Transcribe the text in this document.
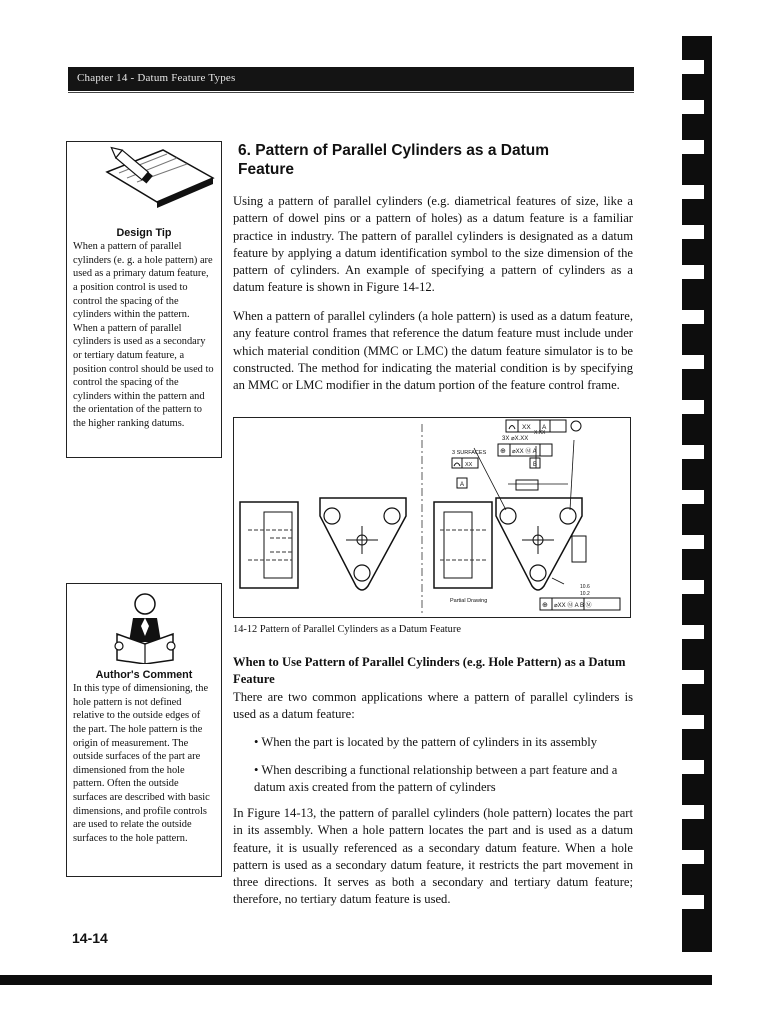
Chapter 14 - Datum Feature Types
Design Tip
When a pattern of parallel cylinders (e. g. a hole pattern) are used as a primary datum feature, a position control is used to control the spacing of the cylinders within the pattern. When a pattern of parallel cylinders is used as a secondary or tertiary datum feature, a position control should be used to control the spacing of the cylinders within the pattern and the orientation of the pattern to the higher ranking datums.
Author's Comment
In this type of dimensioning, the hole pattern is not defined relative to the outside edges of the part. The hole pattern is the origin of measurement. The outside surfaces of the part are dimensioned from the hole pattern. Often the outside surfaces are described with basic dimensions, and profile controls are used to relate the outside surfaces to the hole pattern.
6. Pattern of Parallel Cylinders as a Datum Feature
Using a pattern of parallel cylinders (e.g. diametrical features of size, like a pattern of dowel pins or a pattern of holes) as a datum feature is a familiar practice in industry. The pattern of parallel cylinders is designated as a datum feature by applying a datum identification symbol to the size dimension of the pattern of cylinders. An example of specifying a pattern of cylinders as a datum feature is shown in Figure 14-12.
When a pattern of parallel cylinders (a hole pattern) is used as a datum feature, any feature control frames that reference the datum feature must include under which material condition (MMC or LMC) the datum feature simulator is to be constructed. The method for indicating the material condition is by specifying an MMC or LMC modifier in the datum portion of the feature control frame.
XX A
3X ⌀X.XX
X.XX
⊕ ⌀XX Ⓜ A
B
3 SURFACES
XX
A
10.6
10.2
Partial Drawing
⊕ ⌀XX Ⓜ A B Ⓜ
14-12 Pattern of Parallel Cylinders as a Datum Feature
When to Use Pattern of Parallel Cylinders (e.g. Hole Pattern) as a Datum Feature
There are two common applications where a pattern of parallel cylinders is used as a datum feature:
• When the part is located by the pattern of cylinders in its assembly
• When describing a functional relationship between a part feature and a datum axis created from the pattern of cylinders
In Figure 14-13, the pattern of parallel cylinders (hole pattern) locates the part in its assembly. When a hole pattern locates the part and is used as a datum feature, it is usually referenced as a secondary datum feature. When a hole pattern is used as a secondary datum feature, it restricts the part movement in three directions. It serves as both a secondary and tertiary datum feature; therefore, no tertiary datum feature is used.
14-14
